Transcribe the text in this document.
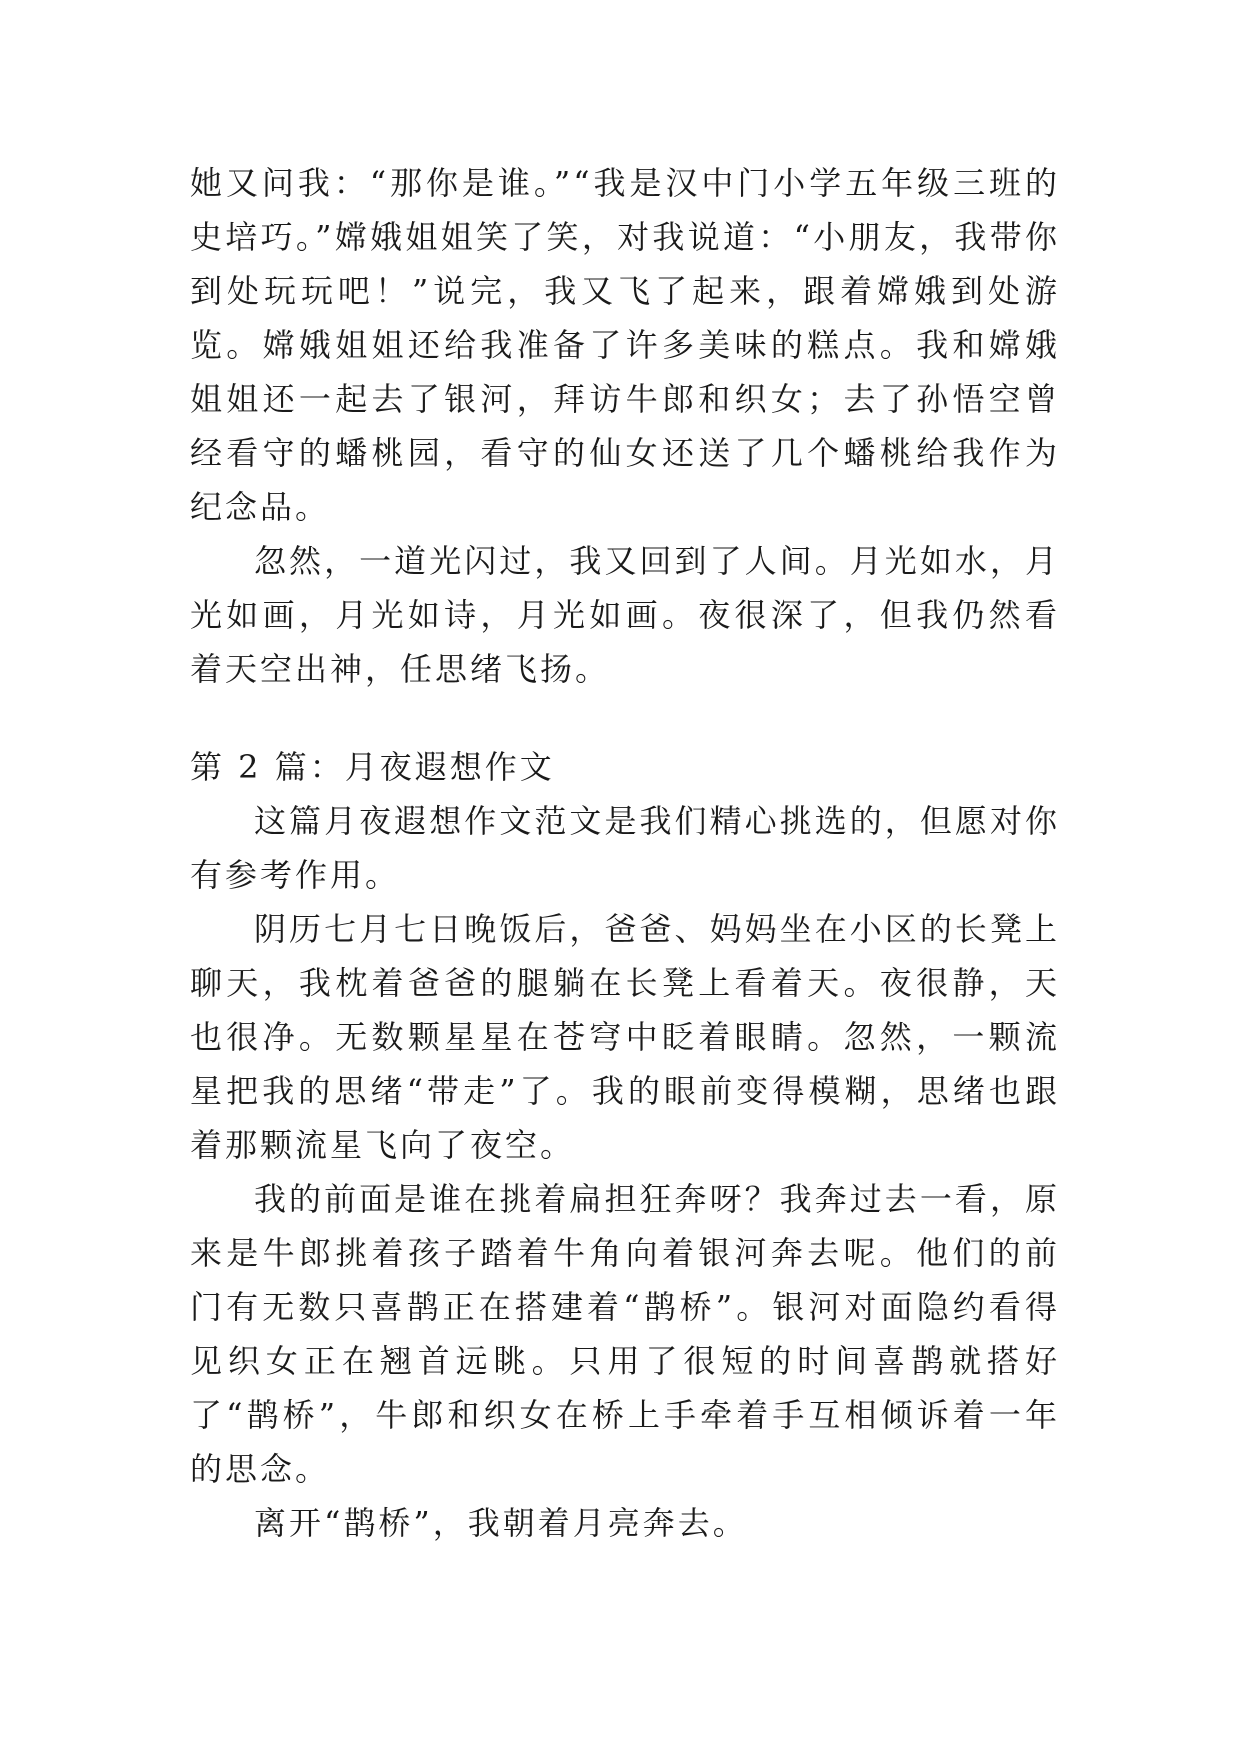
她又问我：“那你是谁。”“我是汉中门小学五年级三班的史培巧。”嫦娥姐姐笑了笑，对我说道：“小朋友，我带你到处玩玩吧！”说完，我又飞了起来，跟着嫦娥到处游览。嫦娥姐姐还给我准备了许多美味的糕点。我和嫦娥姐姐还一起去了银河，拜访牛郎和织女；去了孙悟空曾经看守的蟠桃园，看守的仙女还送了几个蟠桃给我作为纪念品。

忽然，一道光闪过，我又回到了人间。月光如水，月光如画，月光如诗，月光如画。夜很深了，但我仍然看着天空出神，任思绪飞扬。

第 2 篇：月夜遐想作文

这篇月夜遐想作文范文是我们精心挑选的，但愿对你有参考作用。

阴历七月七日晚饭后，爸爸、妈妈坐在小区的长凳上聊天，我枕着爸爸的腿躺在长凳上看着天。夜很静，天也很净。无数颗星星在苍穹中眨着眼睛。忽然，一颗流星把我的思绪“带走”了。我的眼前变得模糊，思绪也跟着那颗流星飞向了夜空。

我的前面是谁在挑着扁担狂奔呀？我奔过去一看，原来是牛郎挑着孩子踏着牛角向着银河奔去呢。他们的前门有无数只喜鹊正在搭建着“鹊桥”。银河对面隐约看得见织女正在翘首远眺。只用了很短的时间喜鹊就搭好了“鹊桥”，牛郎和织女在桥上手牵着手互相倾诉着一年的思念。

离开“鹊桥”，我朝着月亮奔去。
